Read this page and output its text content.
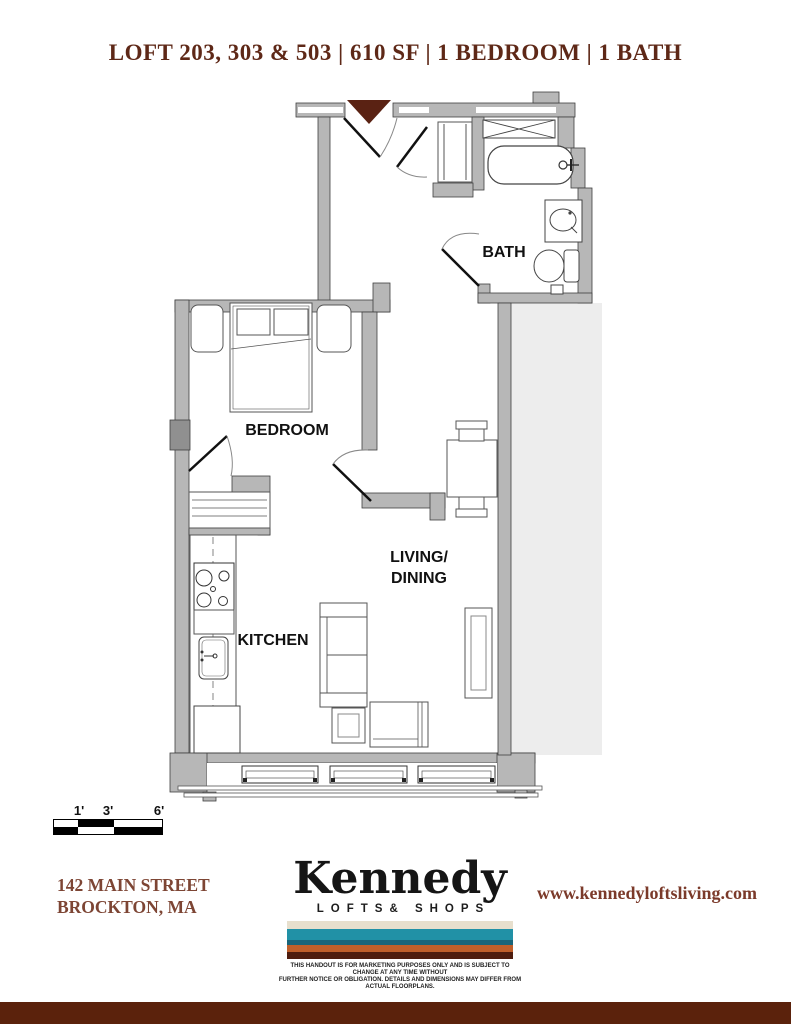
LOFT 203, 303 & 503 | 610 SF | 1 BEDROOM | 1 BATH
BATH
BEDROOM
KITCHEN
LIVING/
DINING
1' 3'	6'
142 MAIN STREET
BROCKTON, MA
Kennedy
LOFTS& SHOPS
THIS HANDOUT IS FOR MARKETING PURPOSES ONLY AND IS SUBJECT TO CHANGE AT ANY TIME WITHOUT
FURTHER NOTICE OR OBLIGATION. DETAILS AND DIMENSIONS MAY DIFFER FROM ACTUAL FLOORPLANS.
www.kennedyloftsliving.com
